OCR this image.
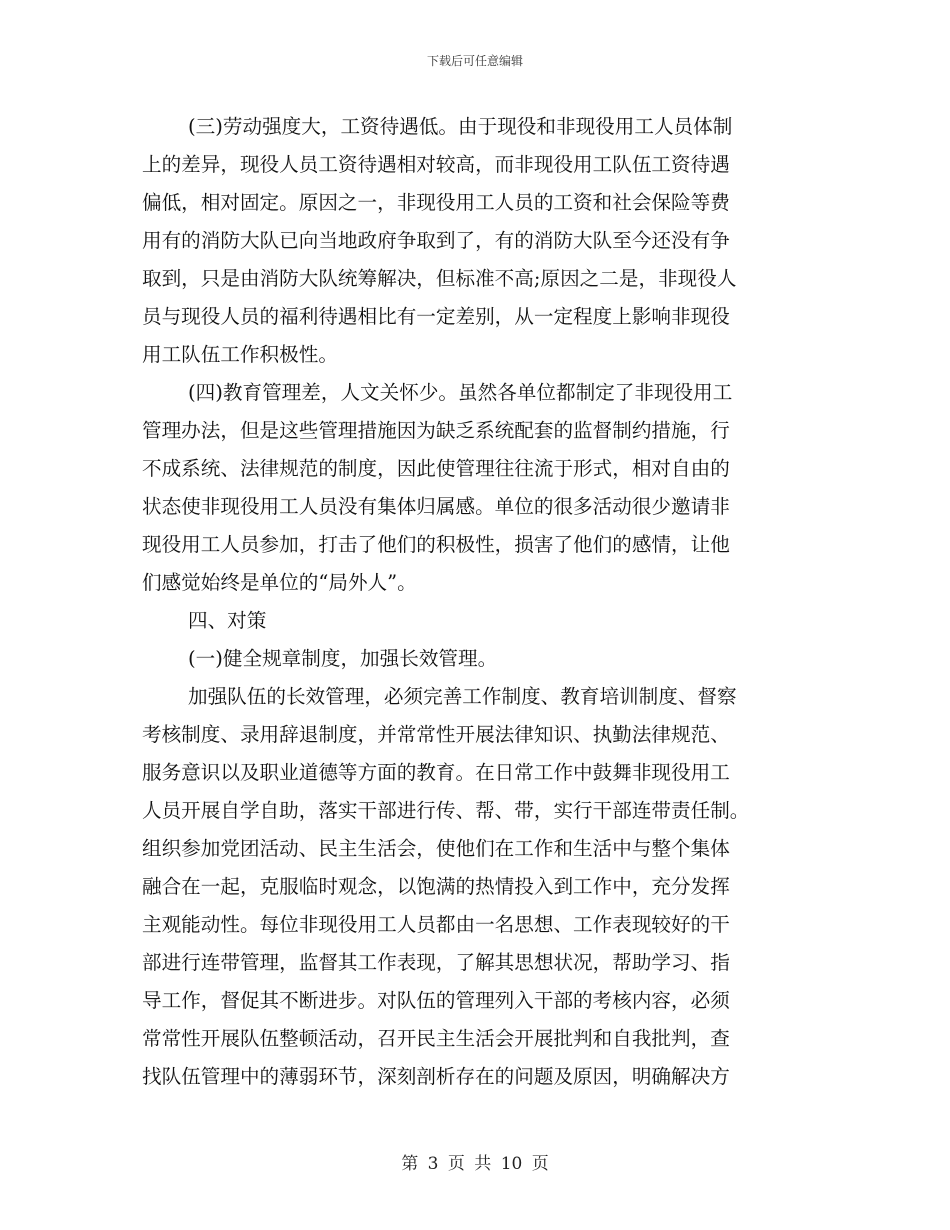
下载后可任意编辑
(三)劳动强度大，工资待遇低。由于现役和非现役用工人员体制
上的差异，现役人员工资待遇相对较高，而非现役用工队伍工资待遇
偏低，相对固定。原因之一，非现役用工人员的工资和社会保险等费
用有的消防大队已向当地政府争取到了，有的消防大队至今还没有争
取到，只是由消防大队统筹解决，但标准不高;原因之二是，非现役人
员与现役人员的福利待遇相比有一定差别，从一定程度上影响非现役
用工队伍工作积极性。
(四)教育管理差，人文关怀少。虽然各单位都制定了非现役用工
管理办法，但是这些管理措施因为缺乏系统配套的监督制约措施，行
不成系统、法律规范的制度，因此使管理往往流于形式，相对自由的
状态使非现役用工人员没有集体归属感。单位的很多活动很少邀请非
现役用工人员参加，打击了他们的积极性，损害了他们的感情，让他
们感觉始终是单位的“局外人”。
四、对策
(一)健全规章制度，加强长效管理。
加强队伍的长效管理，必须完善工作制度、教育培训制度、督察
考核制度、录用辞退制度，并常常性开展法律知识、执勤法律规范、
服务意识以及职业道德等方面的教育。在日常工作中鼓舞非现役用工
人员开展自学自助，落实干部进行传、帮、带，实行干部连带责任制。
组织参加党团活动、民主生活会，使他们在工作和生活中与整个集体
融合在一起，克服临时观念，以饱满的热情投入到工作中，充分发挥
主观能动性。每位非现役用工人员都由一名思想、工作表现较好的干
部进行连带管理，监督其工作表现，了解其思想状况，帮助学习、指
导工作，督促其不断进步。对队伍的管理列入干部的考核内容，必须
常常性开展队伍整顿活动，召开民主生活会开展批判和自我批判，查
找队伍管理中的薄弱环节，深刻剖析存在的问题及原因，明确解决方
第 3 页 共 10 页
